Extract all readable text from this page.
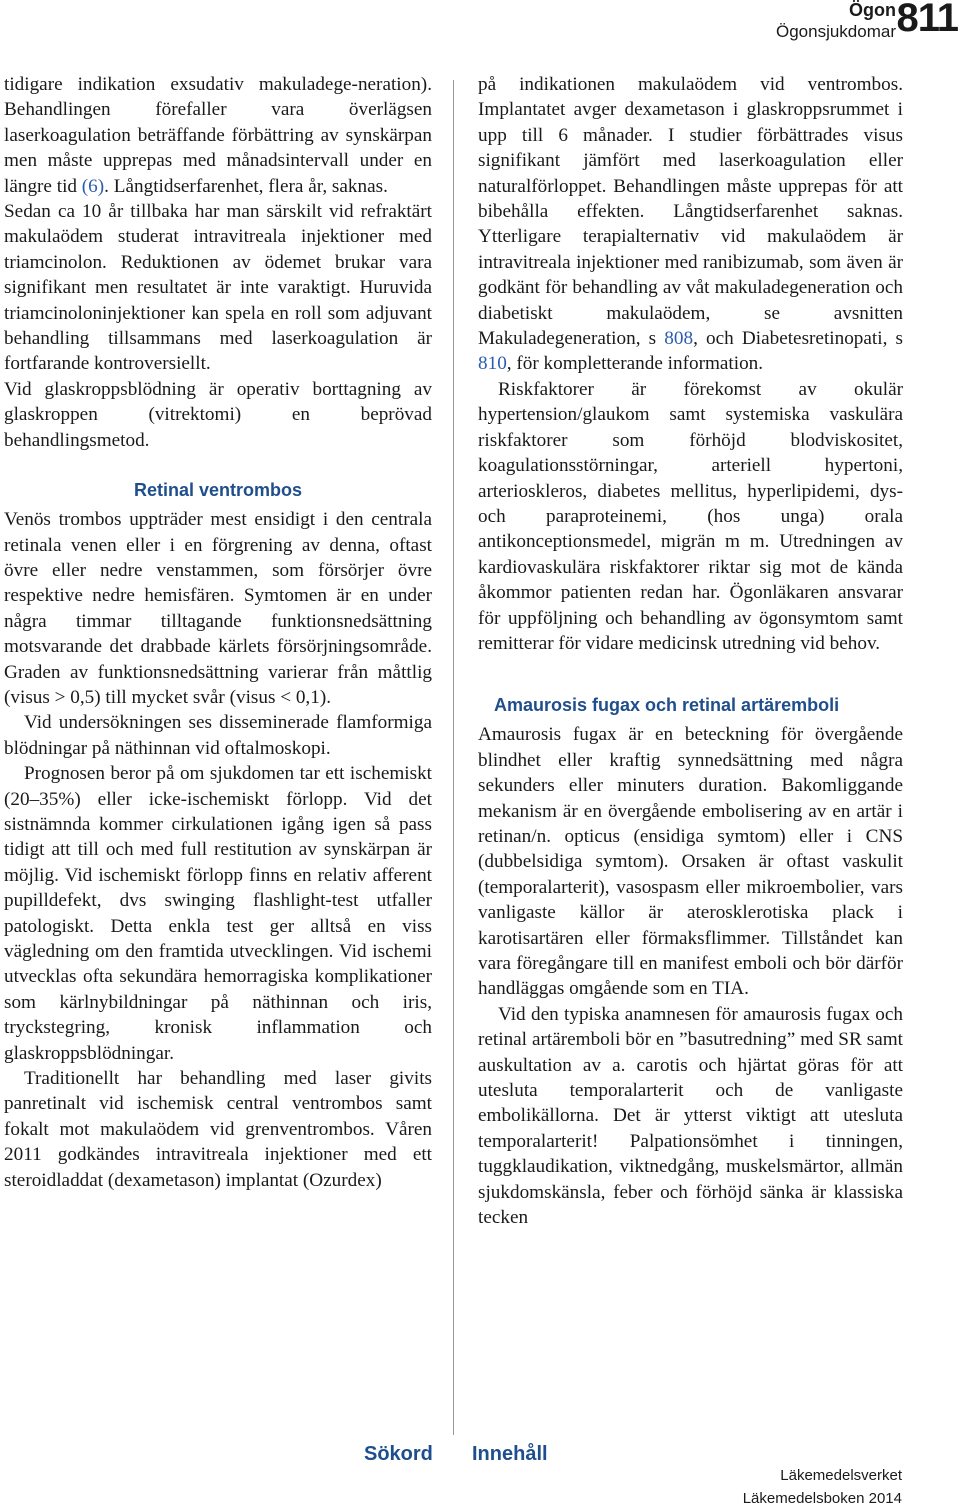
Ögon
Ögonsjukdomar 811

tidigare indikation exsudativ makuladege-neration). Behandlingen förefaller vara överlägsen laserkoagulation beträffande förbättring av synskärpan men måste upprepas med månadsintervall under en längre tid (6). Långtidserfarenhet, flera år, saknas.

Sedan ca 10 år tillbaka har man särskilt vid refraktärt makulaödem studerat intravitreala injektioner med triamcinolon. Reduktionen av ödemet brukar vara signifikant men resultatet är inte varaktigt. Huruvida triamcinoloninjektioner kan spela en roll som adjuvant behandling tillsammans med laserkoagulation är fortfarande kontroversiellt.

Vid glaskroppsblödning är operativ borttagning av glaskroppen (vitrektomi) en beprövad behandlingsmetod.

Retinal ventrombos

Venös trombos uppträder mest ensidigt i den centrala retinala venen eller i en förgrening av denna, oftast övre eller nedre venstammen, som försörjer övre respektive nedre hemisfären. Symtomen är en under några timmar tilltagande funktionsnedsättning motsvarande det drabbade kärlets försörjningsområde. Graden av funktionsnedsättning varierar från måttlig (visus > 0,5) till mycket svår (visus < 0,1).

Vid undersökningen ses disseminerade flamformiga blödningar på näthinnan vid oftalmoskopi.

Prognosen beror på om sjukdomen tar ett ischemiskt (20–35%) eller icke-ischemiskt förlopp. Vid det sistnämnda kommer cirkulationen igång igen så pass tidigt att till och med full restitution av synskärpan är möjlig. Vid ischemiskt förlopp finns en relativ afferent pupilldefekt, dvs swinging flashlight-test utfaller patologiskt. Detta enkla test ger alltså en viss vägledning om den framtida utvecklingen. Vid ischemi utvecklas ofta sekundära hemorragiska komplikationer som kärlnybildningar på näthinnan och iris, tryckstegring, kronisk inflammation och glaskroppsblödningar.

Traditionellt har behandling med laser givits panretinalt vid ischemisk central ventrombos samt fokalt mot makulaödem vid grenventrombos. Våren 2011 godkändes intravitreala injektioner med ett steroidladdat (dexametason) implantat (Ozurdex)

på indikationen makulaödem vid ventrombos. Implantatet avger dexametason i glaskroppsrummet i upp till 6 månader. I studier förbättrades visus signifikant jämfört med laserkoagulation eller naturalförloppet. Behandlingen måste upprepas för att bibehålla effekten. Långtidserfarenhet saknas. Ytterligare terapialternativ vid makulaödem är intravitreala injektioner med ranibizumab, som även är godkänt för behandling av våt makuladegeneration och diabetiskt makulaödem, se avsnitten Makuladegeneration, s 808, och Diabetesretinopati, s 810, för kompletterande information.

Riskfaktorer är förekomst av okulär hypertension/glaukom samt systemiska vaskulära riskfaktorer som förhöjd blodviskositet, koagulationsstörningar, arteriell hypertoni, arterioskleros, diabetes mellitus, hyperlipidemi, dys- och paraproteinemi, (hos unga) orala antikonceptionsmedel, migrän m m. Utredningen av kardiovaskulära riskfaktorer riktar sig mot de kända åkommor patienten redan har. Ögonläkaren ansvarar för uppföljning och behandling av ögonsymtom samt remitterar för vidare medicinsk utredning vid behov.

Amaurosis fugax och retinal artäremboli

Amaurosis fugax är en beteckning för övergående blindhet eller kraftig synnedsättning med några sekunders eller minuters duration. Bakomliggande mekanism är en övergående embolisering av en artär i retinan/n. opticus (ensidiga symtom) eller i CNS (dubbelsidiga symtom). Orsaken är oftast vaskulit (temporalarterit), vasospasm eller mikroembolier, vars vanligaste källor är aterosklerotiska plack i karotisartären eller förmaksflimmer. Tillståndet kan vara föregångare till en manifest emboli och bör därför handläggas omgående som en TIA.

Vid den typiska anamnesen för amaurosis fugax och retinal artäremboli bör en ”basutredning” med SR samt auskultation av a. carotis och hjärtat göras för att utesluta temporalarterit och de vanligaste embolikällorna. Det är ytterst viktigt att utesluta temporalarterit! Palpationsömhet i tinningen, tuggklaudikation, viktnedgång, muskelsmärtor, allmän sjukdomskänsla, feber och förhöjd sänka är klassiska tecken

Sökord Innehåll
Läkemedelsverket
Läkemedelsboken 2014
